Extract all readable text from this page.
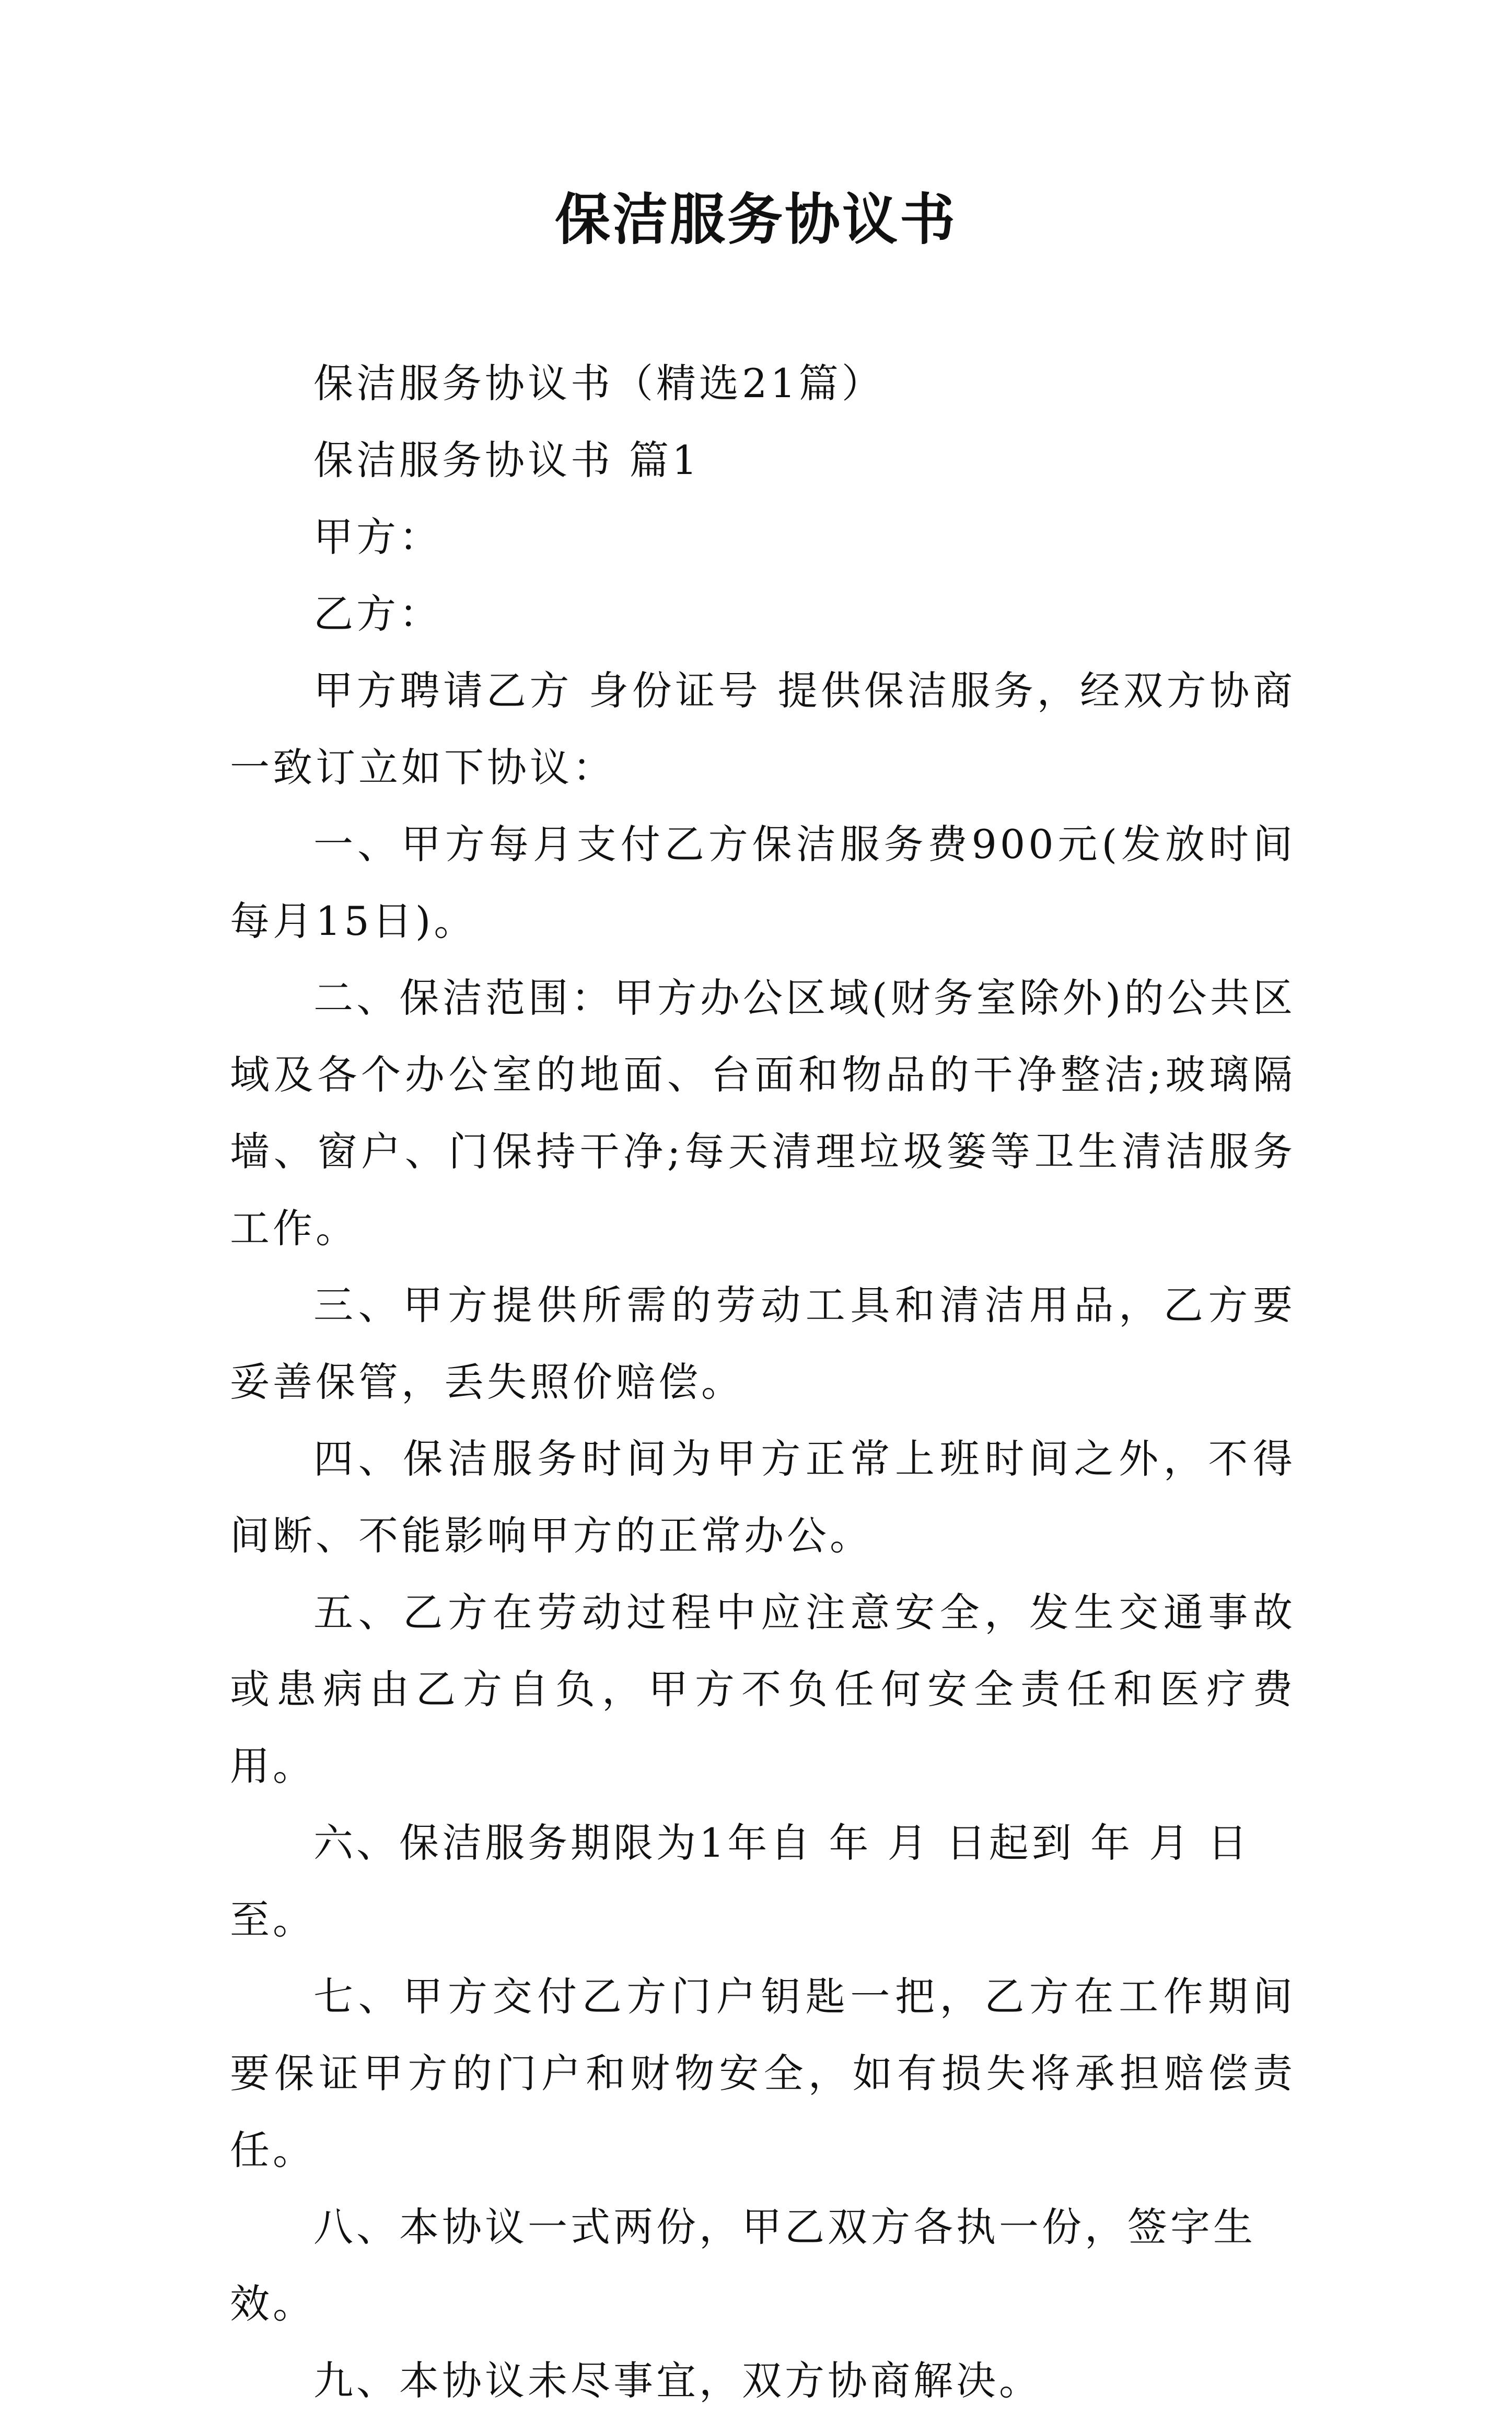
保洁服务协议书

保洁服务协议书（精选21篇）

保洁服务协议书 篇1

甲方：

乙方：

甲方聘请乙方 身份证号 提供保洁服务，经双方协商一致订立如下协议：

一、甲方每月支付乙方保洁服务费900元(发放时间每月15日)。

二、保洁范围：甲方办公区域(财务室除外)的公共区域及各个办公室的地面、台面和物品的干净整洁;玻璃隔墙、窗户、门保持干净;每天清理垃圾篓等卫生清洁服务工作。

三、甲方提供所需的劳动工具和清洁用品，乙方要妥善保管，丢失照价赔偿。

四、保洁服务时间为甲方正常上班时间之外，不得间断、不能影响甲方的正常办公。

五、乙方在劳动过程中应注意安全，发生交通事故或患病由乙方自负，甲方不负任何安全责任和医疗费用。

六、保洁服务期限为1年自 年 月 日起到 年 月 日至。

七、甲方交付乙方门户钥匙一把，乙方在工作期间要保证甲方的门户和财物安全，如有损失将承担赔偿责任。

八、本协议一式两份，甲乙双方各执一份，签字生效。

九、本协议未尽事宜，双方协商解决。
